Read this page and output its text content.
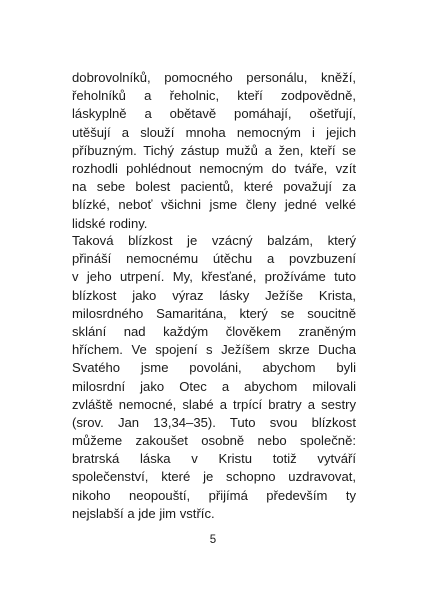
dobrovolníků, pomocného personálu, kněží,
řeholníků a řeholnic, kteří zodpovědně,
láskyplně a obětavě pomáhají, ošetřují,
utěšují a slouží mnoha nemocným i jejich
příbuzným. Tichý zástup mužů a žen, kteří se
rozhodli pohlédnout nemocným do tváře, vzít
na sebe bolest pacientů, které považují za
blízké, neboť všichni jsme členy jedné velké
lidské rodiny.
Taková blízkost je vzácný balzám, který
přináší nemocnému útěchu a povzbuzení
v jeho utrpení. My, křesťané, prožíváme tuto
blízkost jako výraz lásky Ježíše Krista,
milosrdného Samaritána, který se soucitně
sklání nad každým člověkem zraněným
hříchem. Ve spojení s Ježíšem skrze Ducha
Svatého jsme povoláni, abychom byli
milosrdní jako Otec a abychom milovali
zvláště nemocné, slabé a trpící bratry a sestry
(srov. Jan 13,34–35). Tuto svou blízkost
můžeme zakoušet osobně nebo společně:
bratrská láska v Kristu totiž vytváří
společenství, které je schopno uzdravovat,
nikoho neopouští, přijímá především ty
nejslabší a jde jim vstříc.
5
